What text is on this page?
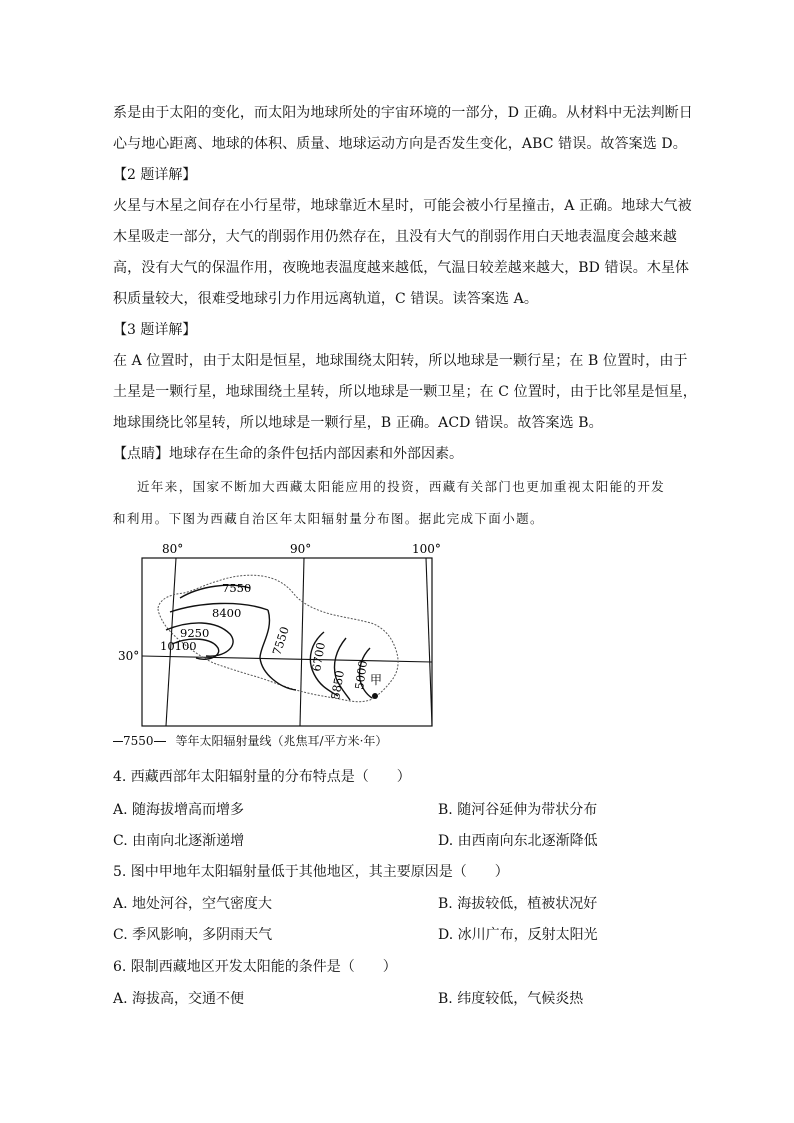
系是由于太阳的变化，而太阳为地球所处的宇宙环境的一部分，D 正确。从材料中无法判断日
心与地心距离、地球的体积、质量、地球运动方向是否发生变化，ABC 错误。故答案选 D。
【2 题详解】
火星与木星之间存在小行星带，地球靠近木星时，可能会被小行星撞击，A 正确。地球大气被
木星吸走一部分，大气的削弱作用仍然存在，且没有大气的削弱作用白天地表温度会越来越
高，没有大气的保温作用，夜晚地表温度越来越低，气温日较差越来越大，BD 错误。木星体
积质量较大，很难受地球引力作用远离轨道，C 错误。读答案选 A。
【3 题详解】
在 A 位置时，由于太阳是恒星，地球围绕太阳转，所以地球是一颗行星；在 B 位置时，由于
土星是一颗行星，地球围绕土星转，所以地球是一颗卫星；在 C 位置时，由于比邻星是恒星，
地球围绕比邻星转，所以地球是一颗行星，B 正确。ACD 错误。故答案选 B。
【点睛】地球存在生命的条件包括内部因素和外部因素。
近年来，国家不断加大西藏太阳能应用的投资，西藏有关部门也更加重视太阳能的开发
和利用。下图为西藏自治区年太阳辐射量分布图。据此完成下面小题。
80°	90°	100°
30°
7550
8400
9250
10100	7550 6700
5850 5000 甲
7550 等年太阳辐射量线（兆焦耳/平方米·年）
4. 西藏西部年太阳辐射量的分布特点是（　　）
A. 随海拔增高而增多	B. 随河谷延伸为带状分布
C. 由南向北逐渐递增	D. 由西南向东北逐渐降低
5. 图中甲地年太阳辐射量低于其他地区，其主要原因是（　　）
A. 地处河谷，空气密度大	B. 海拔较低，植被状况好
C. 季风影响，多阴雨天气	D. 冰川广布，反射太阳光
6. 限制西藏地区开发太阳能的条件是（　　）
A. 海拔高，交通不便	B. 纬度较低，气候炎热
